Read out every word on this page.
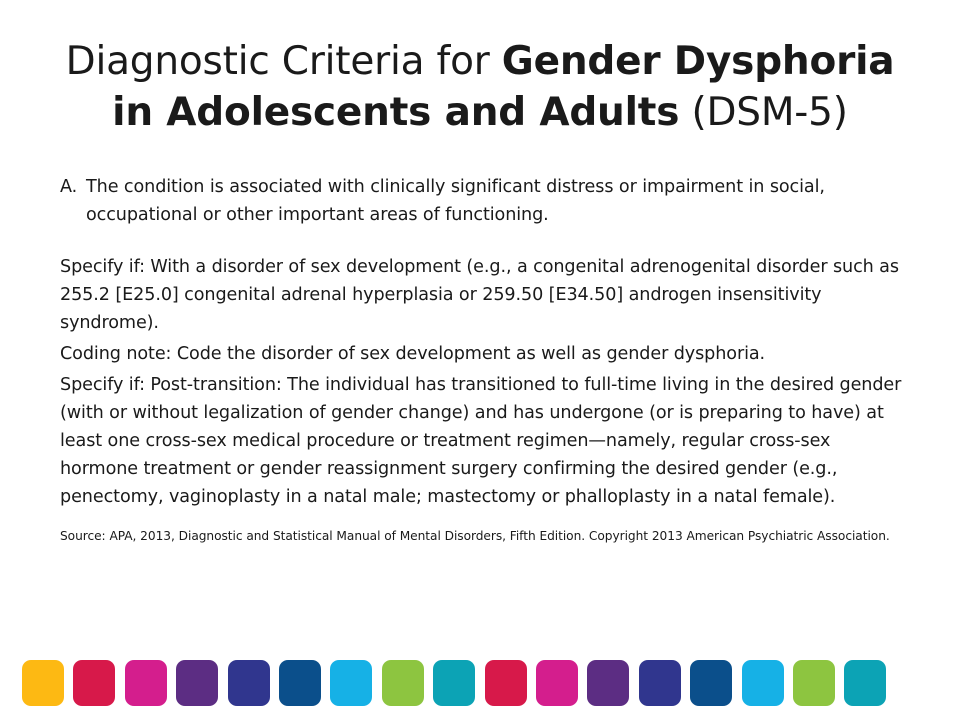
Diagnostic Criteria for Gender Dysphoria in Adolescents and Adults (DSM-5)

A. The condition is associated with clinically significant distress or impairment in social, occupational or other important areas of functioning.

Specify if: With a disorder of sex development (e.g., a congenital adrenogenital disorder such as 255.2 [E25.0] congenital adrenal hyperplasia or 259.50 [E34.50] androgen insensitivity syndrome).

Coding note: Code the disorder of sex development as well as gender dysphoria.

Specify if: Post-transition: The individual has transitioned to full-time living in the desired gender (with or without legalization of gender change) and has undergone (or is preparing to have) at least one cross-sex medical procedure or treatment regimen—namely, regular cross-sex hormone treatment or gender reassignment surgery confirming the desired gender (e.g., penectomy, vaginoplasty in a natal male; mastectomy or phalloplasty in a natal female).

Source: APA, 2013, Diagnostic and Statistical Manual of Mental Disorders, Fifth Edition. Copyright 2013 American Psychiatric Association.
